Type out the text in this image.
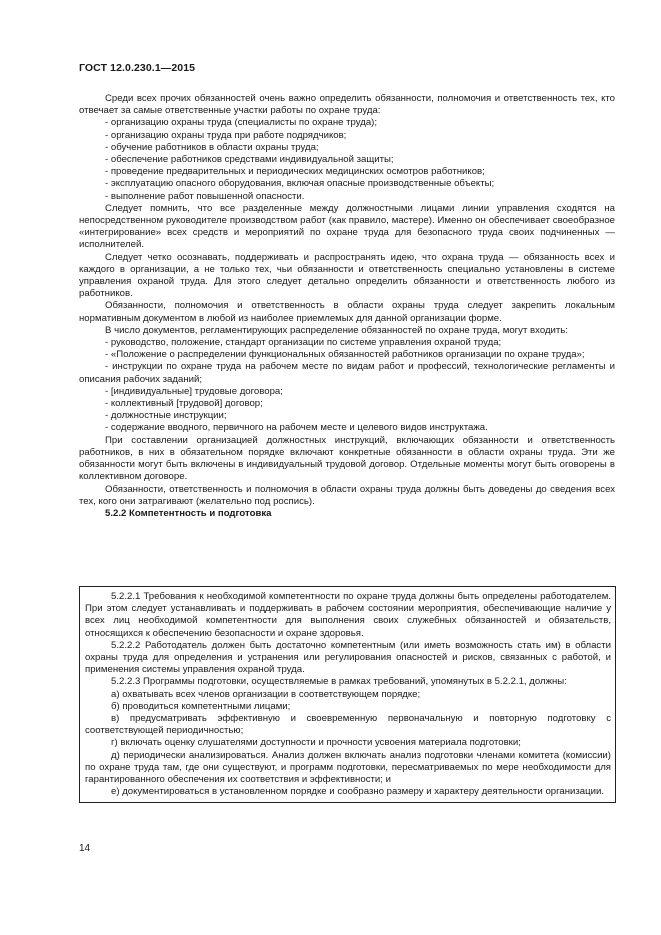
ГОСТ 12.0.230.1—2015

Среди всех прочих обязанностей очень важно определить обязанности, полномочия и ответственность тех, кто отвечает за самые ответственные участки работы по охране труда:

- организацию охраны труда (специалисты по охране труда);

- организацию охраны труда при работе подрядчиков;

- обучение работников в области охраны труда;

- обеспечение работников средствами индивидуальной защиты;

- проведение предварительных и периодических медицинских осмотров работников;

- эксплуатацию опасного оборудования, включая опасные производственные объекты;

- выполнение работ повышенной опасности.

Следует помнить, что все разделенные между должностными лицами линии управления сходятся на непосредственном руководителе производством работ (как правило, мастере). Именно он обеспечивает своеобразное «интегрирование» всех средств и мероприятий по охране труда для безопасного труда своих подчиненных — исполнителей.

Следует четко осознавать, поддерживать и распространять идею, что охрана труда — обязанность всех и каждого в организации, а не только тех, чьи обязанности и ответственность специально установлены в системе управления охраной труда. Для этого следует детально определить обязанности и ответственность любого из работников.

Обязанности, полномочия и ответственность в области охраны труда следует закрепить локальным нормативным документом в любой из наиболее приемлемых для данной организации форме.

В число документов, регламентирующих распределение обязанностей по охране труда, могут входить:

- руководство, положение, стандарт организации по системе управления охраной труда;

- «Положение о распределении функциональных обязанностей работников организации по охране труда»;

- инструкции по охране труда на рабочем месте по видам работ и профессий, технологические регламенты и описания рабочих заданий;

- [индивидуальные] трудовые договора;

- коллективный [трудовой] договор;

- должностные инструкции;

- содержание вводного, первичного на рабочем месте и целевого видов инструктажа.

При составлении организацией должностных инструкций, включающих обязанности и ответственность работников, в них в обязательном порядке включают конкретные обязанности в области охраны труда. Эти же обязанности могут быть включены в индивидуальный трудовой договор. Отдельные моменты могут быть оговорены в коллективном договоре.

Обязанности, ответственность и полномочия в области охраны труда должны быть доведены до сведения всех тех, кого они затрагивают (желательно под роспись).

5.2.2 Компетентность и подготовка

5.2.2.1 Требования к необходимой компетентности по охране труда должны быть определены работодателем. При этом следует устанавливать и поддерживать в рабочем состоянии мероприятия, обеспечивающие наличие у всех лиц необходимой компетентности для выполнения своих служебных обязанностей и обязательств, относящихся к обеспечению безопасности и охране здоровья.

5.2.2.2 Работодатель должен быть достаточно компетентным (или иметь возможность стать им) в области охраны труда для определения и устранения или регулирования опасностей и рисков, связанных с работой, и применения системы управления охраной труда.

5.2.2.3 Программы подготовки, осуществляемые в рамках требований, упомянутых в 5.2.2.1, должны:

а) охватывать всех членов организации в соответствующем порядке;

б) проводиться компетентными лицами;

в) предусматривать эффективную и своевременную первоначальную и повторную подготовку с соответствующей периодичностью;

г) включать оценку слушателями доступности и прочности усвоения материала подготовки;

д) периодически анализироваться. Анализ должен включать анализ подготовки членами комитета (комиссии) по охране труда там, где они существуют, и программ подготовки, пересматриваемых по мере необходимости для гарантированного обеспечения их соответствия и эффективности; и

е) документироваться в установленном порядке и сообразно размеру и характеру деятельности организации.

14
